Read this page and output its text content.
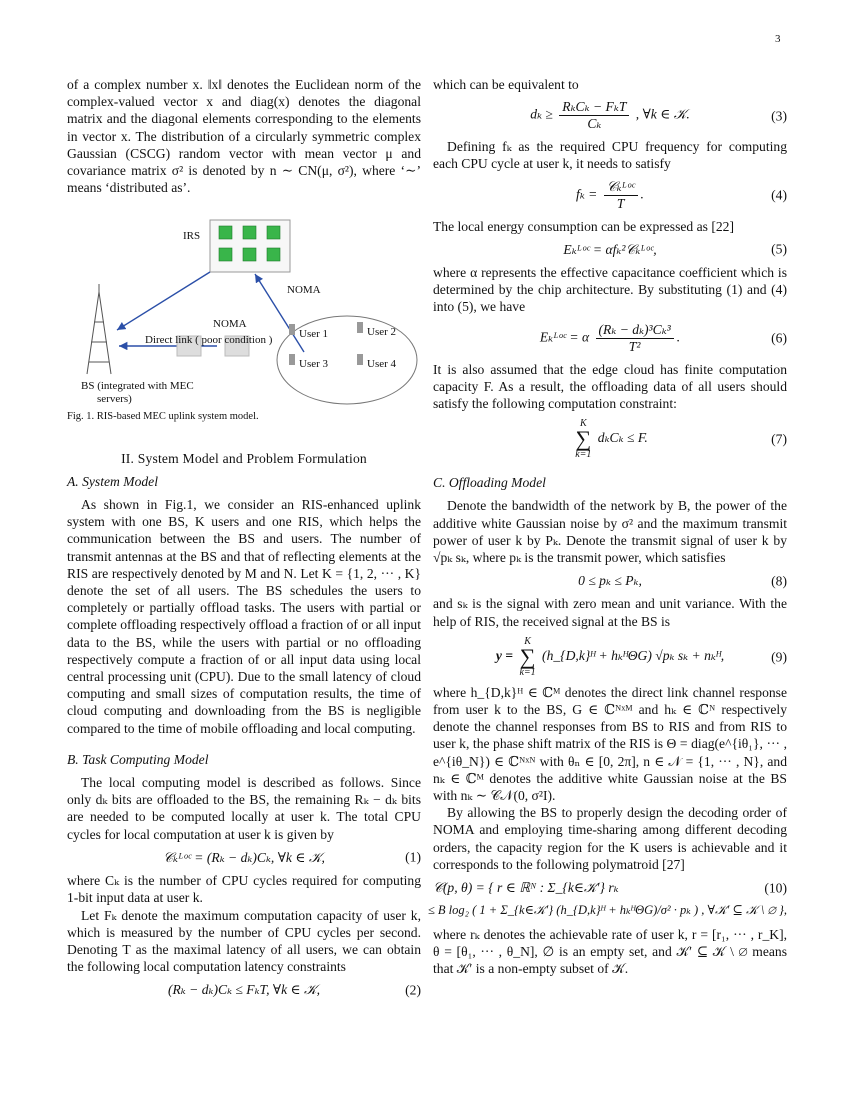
3

of a complex number x. ‖x‖ denotes the Euclidean norm of the complex-valued vector x and diag(x) denotes the diagonal matrix and the diagonal elements corresponding to the elements in vector x. The distribution of a circularly symmetric complex Gaussian (CSCG) random vector with mean vector μ and covariance matrix σ² is denoted by n ∼ CN(μ, σ²), where ‘∼’ means ‘distributed as’.

IRS
NOMA
NOMA
Direct link ( poor condition ) User 1	User 2
User 3	User 4
BS (integrated with MEC
servers)

Fig. 1. RIS-based MEC uplink system model.

II. System Model and Problem Formulation
A. System Model

As shown in Fig.1, we consider an RIS-enhanced uplink system with one BS, K users and one RIS, which helps the communication between the BS and users. The number of transmit antennas at the BS and that of reflecting elements at the RIS are respectively denoted by M and N. Let K = {1, 2, ··· , K} denote the set of all users. The BS schedules the users to completely or partially offload tasks. The users with partial or complete offloading respectively offload a fraction of or all input data to the BS, while the users with partial or no offloading respectively compute a fraction of or all input data using local central processing unit (CPU). Due to the small latency of cloud computing and small sizes of computation results, the time of cloud computing and downloading from the BS is negligible compared to the time of mobile offloading and local computing.

B. Task Computing Model

The local computing model is described as follows. Since only dₖ bits are offloaded to the BS, the remaining Rₖ − dₖ bits are needed to be computed locally at user k. The total CPU cycles for local computation at user k is given by

𝒞ₖᴸᵒᶜ = (Rₖ − dₖ)Cₖ, ∀k ∈ 𝒦,	(1)

where Cₖ is the number of CPU cycles required for computing 1-bit input data at user k.

Let Fₖ denote the maximum computation capacity of user k, which is measured by the number of CPU cycles per second. Denoting T as the maximal latency of all users, we can obtain the following local computation latency constraints

(Rₖ − dₖ)Cₖ ≤ FₖT, ∀k ∈ 𝒦,	(2)

which can be equivalent to

$d_k \ge \frac{\text{RₖCₖ − FₖT}}{\text{Cₖ}}$ , ∀k ∈ 𝒦.	(3)

Defining fₖ as the required CPU frequency for computing each CPU cycle at user k, it needs to satisfy

$f_k = \frac{\text{𝒞ₖᴸᵒᶜ}}{T}$ .	(4)

The local energy consumption can be expressed as [22]

Eₖᴸᵒᶜ = αfₖ²𝒞ₖᴸᵒᶜ,	(5)

where α represents the effective capacitance coefficient which is determined by the chip architecture. By substituting (1) and (4) into (5), we have

Eₖᴸᵒᶜ = α $\frac{\text{(Rₖ − dₖ)³Cₖ³}}{\text{T²}}$ .	(6)

It is also assumed that the edge cloud has finite computation capacity F. As a result, the offloading data of all users should satisfy the following computation constraint:

K
∑
k=1
dₖCₖ ≤ F.	(7)
C. Offloading Model

Denote the bandwidth of the network by B, the power of the additive white Gaussian noise by σ² and the maximum transmit power of user k by Pₖ. Denote the transmit signal of user k by √pₖ sₖ, where pₖ is the transmit power, which satisfies

0 ≤ pₖ ≤ Pₖ,	(8)

and sₖ is the signal with zero mean and unit variance. With the help of RIS, the received signal at the BS is

y =
K
∑
k=1
(h_{D,k}ᴴ + hₖᴴΘG) √pₖ sₖ + nₖᴴ,	(9)

where h_{D,k}ᴴ ∈ ℂᴹ denotes the direct link channel response from user k to the BS, G ∈ ℂᴺˣᴹ and hₖ ∈ ℂᴺ respectively denote the channel responses from BS to RIS and from RIS to user k, the phase shift matrix of the RIS is Θ = diag(e^{iθ₁}, ··· , e^{iθ_N}) ∈ ℂᴺˣᴺ with θₙ ∈ [0, 2π], n ∈ 𝒩 = {1, ··· , N}, and nₖ ∈ ℂᴹ denotes the additive white Gaussian noise at the BS with nₖ ∼ 𝒞𝒩(0, σ²I).

By allowing the BS to properly design the decoding order of NOMA and employing time-sharing among different decoding orders, the capacity region for the K users is achievable and it corresponds to the following polymatroid [27]

𝒞(p, θ) = { r ∈ ℝᴺ : Σ_{k∈𝒦′} rₖ	(10)
≤ B log₂ ( 1 + Σ_{k∈𝒦′} (h_{D,k}ᴴ + hₖᴴΘG)/σ² · pₖ ) , ∀𝒦′ ⊆ 𝒦 \ ∅ },

where rₖ denotes the achievable rate of user k, r = [r₁, ··· , r_K], θ = [θ₁, ··· , θ_N], ∅ is an empty set, and 𝒦′ ⊆ 𝒦 \ ∅ means that 𝒦′ is a non-empty subset of 𝒦.
